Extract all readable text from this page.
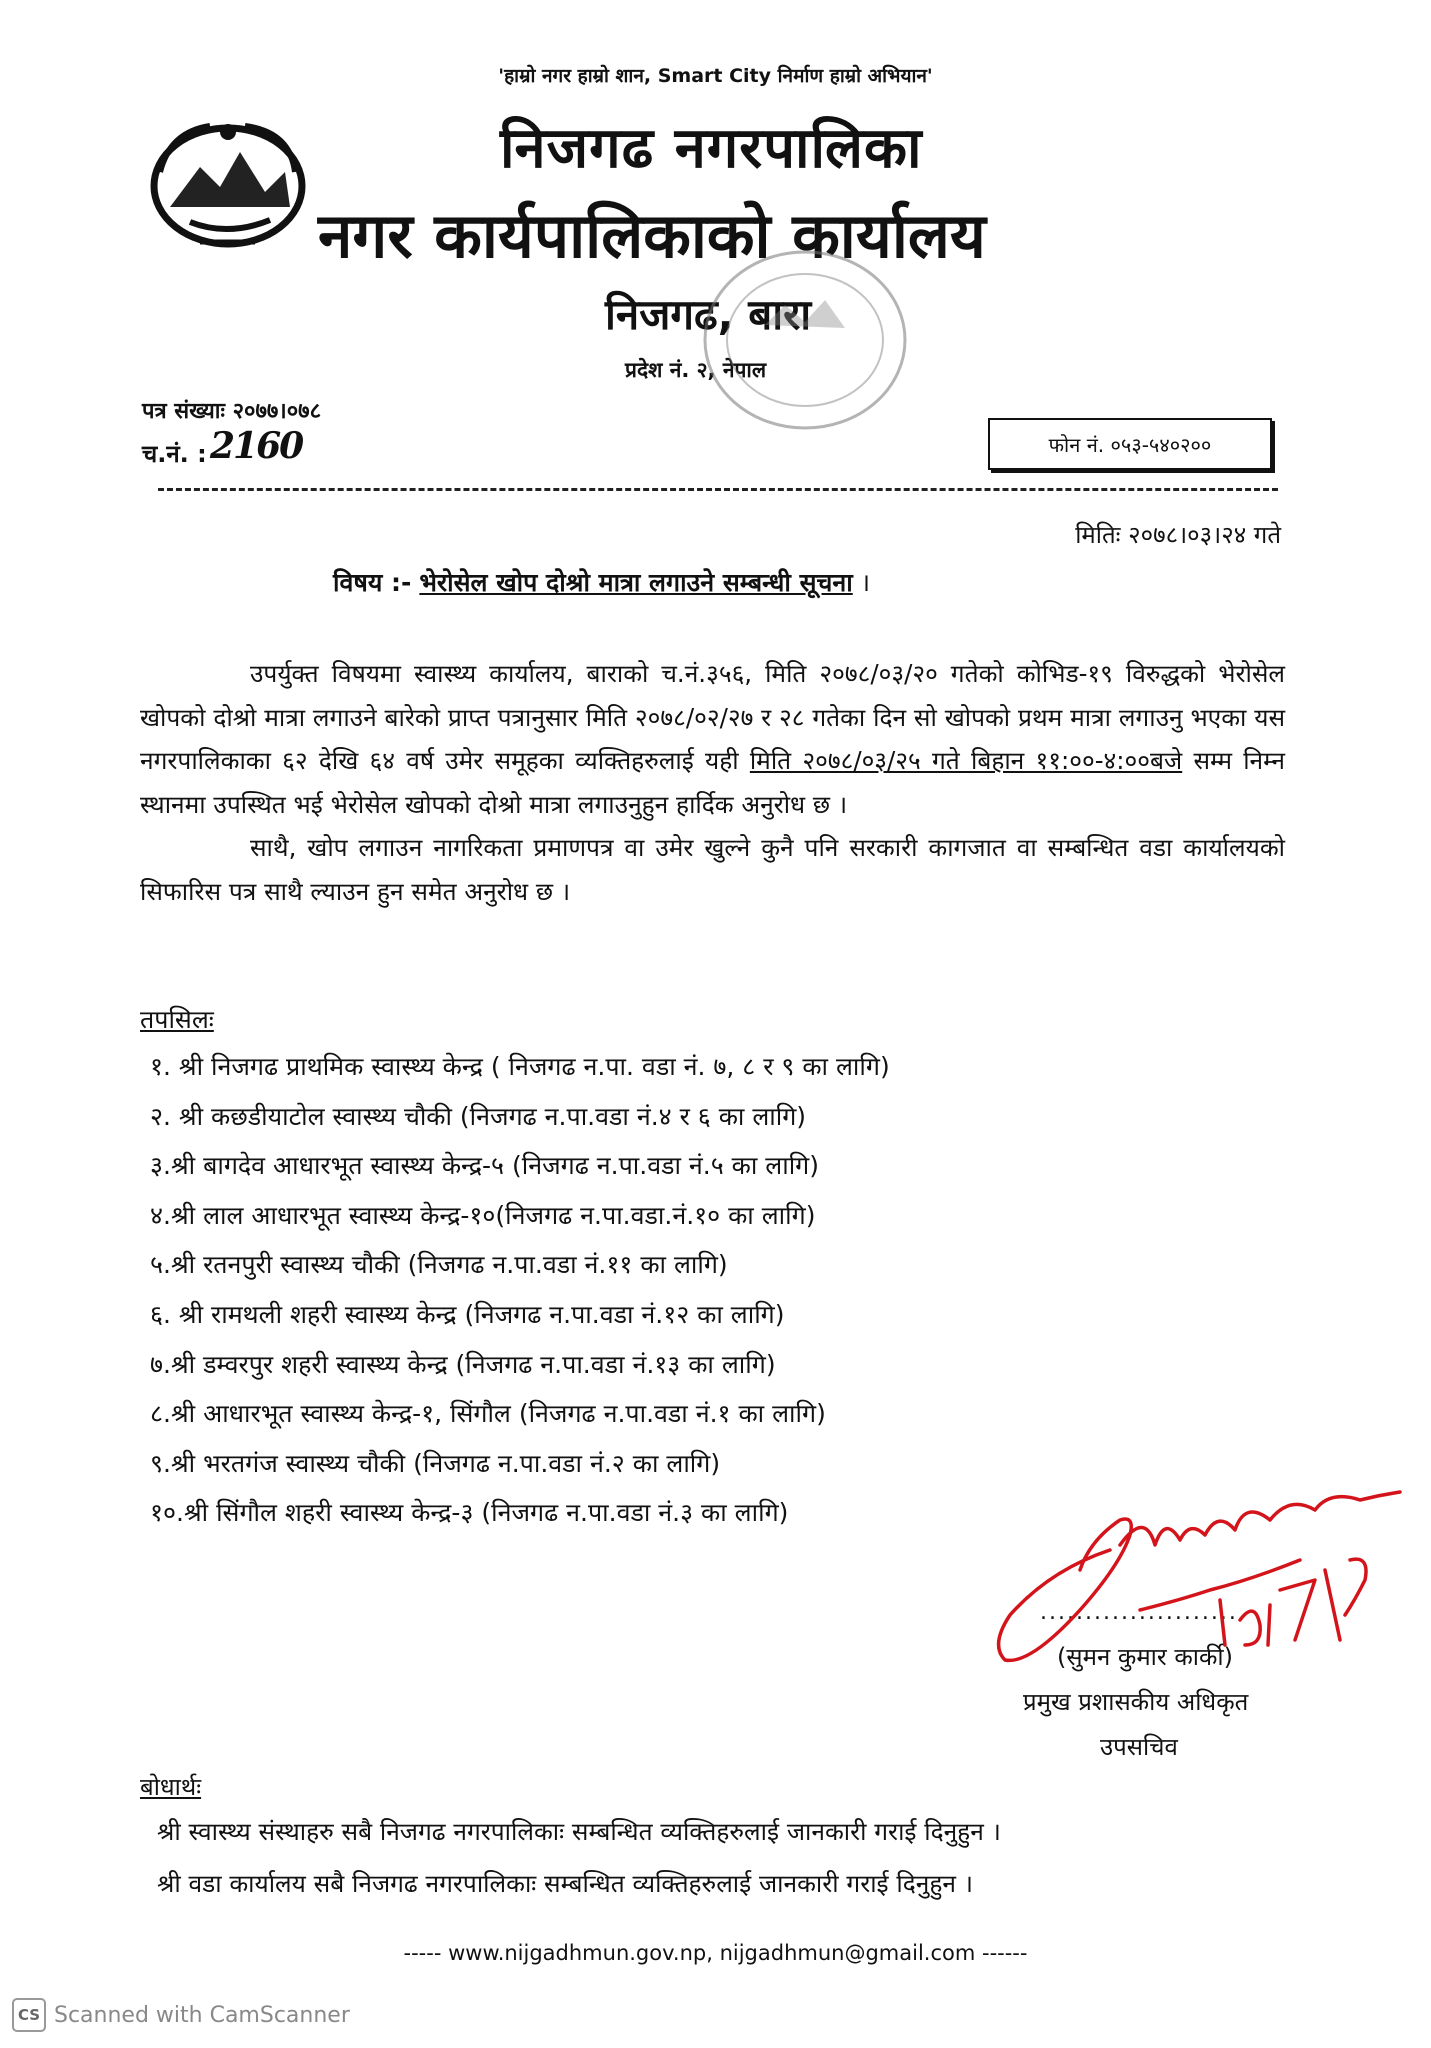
'हाम्रो नगर हाम्रो शान, Smart City निर्माण हाम्रो अभियान'
निजगढ नगरपालिका
नगर कार्यपालिकाको कार्यालय
निजगढ, बारा
प्रदेश नं. २, नेपाल
पत्र संख्याः २०७७।०७८
च.नं. : 2160	फोन नं. ०५३-५४०२००
मितिः २०७८।०३।२४ गते
विषय :- भेरोसेल खोप दोश्रो मात्रा लगाउने सम्बन्धी सूचना ।

उपर्युक्त विषयमा स्वास्थ्य कार्यालय, बाराको च.नं.३५६, मिति २०७८/०३/२० गतेको कोभिड-१९ विरुद्धको भेरोसेल खोपको दोश्रो मात्रा लगाउने बारेको प्राप्त पत्रानुसार मिति २०७८/०२/२७ र २८ गतेका दिन सो खोपको प्रथम मात्रा लगाउनु भएका यस नगरपालिकाका ६२ देखि ६४ वर्ष उमेर समूहका व्यक्तिहरुलाई यही मिति २०७८/०३/२५ गते बिहान ११:००-४:००बजे सम्म निम्न स्थानमा उपस्थित भई भेरोसेल खोपको दोश्रो मात्रा लगाउनुहुन हार्दिक अनुरोध छ ।

साथै, खोप लगाउन नागरिकता प्रमाणपत्र वा उमेर खुल्ने कुनै पनि सरकारी कागजात वा सम्बन्धित वडा कार्यालयको सिफारिस पत्र साथै ल्याउन हुन समेत अनुरोध छ ।

तपसिलः
१. श्री निजगढ प्राथमिक स्वास्थ्य केन्द्र ( निजगढ न.पा. वडा नं. ७, ८ र ९ का लागि)
२. श्री कछडीयाटोल स्वास्थ्य चौकी (निजगढ न.पा.वडा नं.४ र ६ का लागि)
३.श्री बागदेव आधारभूत स्वास्थ्य केन्द्र-५ (निजगढ न.पा.वडा नं.५ का लागि)
४.श्री लाल आधारभूत स्वास्थ्य केन्द्र-१०(निजगढ न.पा.वडा.नं.१० का लागि)
५.श्री रतनपुरी स्वास्थ्य चौकी (निजगढ न.पा.वडा नं.११ का लागि)
६. श्री रामथली शहरी स्वास्थ्य केन्द्र (निजगढ न.पा.वडा नं.१२ का लागि)
७.श्री डम्वरपुर शहरी स्वास्थ्य केन्द्र (निजगढ न.पा.वडा नं.१३ का लागि)
८.श्री आधारभूत स्वास्थ्य केन्द्र-१, सिंगौल (निजगढ न.पा.वडा नं.१ का लागि)
९.श्री भरतगंज स्वास्थ्य चौकी (निजगढ न.पा.वडा नं.२ का लागि)
१०.श्री सिंगौल शहरी स्वास्थ्य केन्द्र-३ (निजगढ न.पा.वडा नं.३ का लागि)
......................
(सुमन कुमार कार्की)
प्रमुख प्रशासकीय अधिकृत
उपसचिव
बोधार्थः
श्री स्वास्थ्य संस्थाहरु सबै निजगढ नगरपालिकाः सम्बन्धित व्यक्तिहरुलाई जानकारी गराई दिनुहुन ।
श्री वडा कार्यालय सबै निजगढ नगरपालिकाः सम्बन्धित व्यक्तिहरुलाई जानकारी गराई दिनुहुन ।
----- www.nijgadhmun.gov.np, nijgadhmun@gmail.com ------
CS Scanned with CamScanner
